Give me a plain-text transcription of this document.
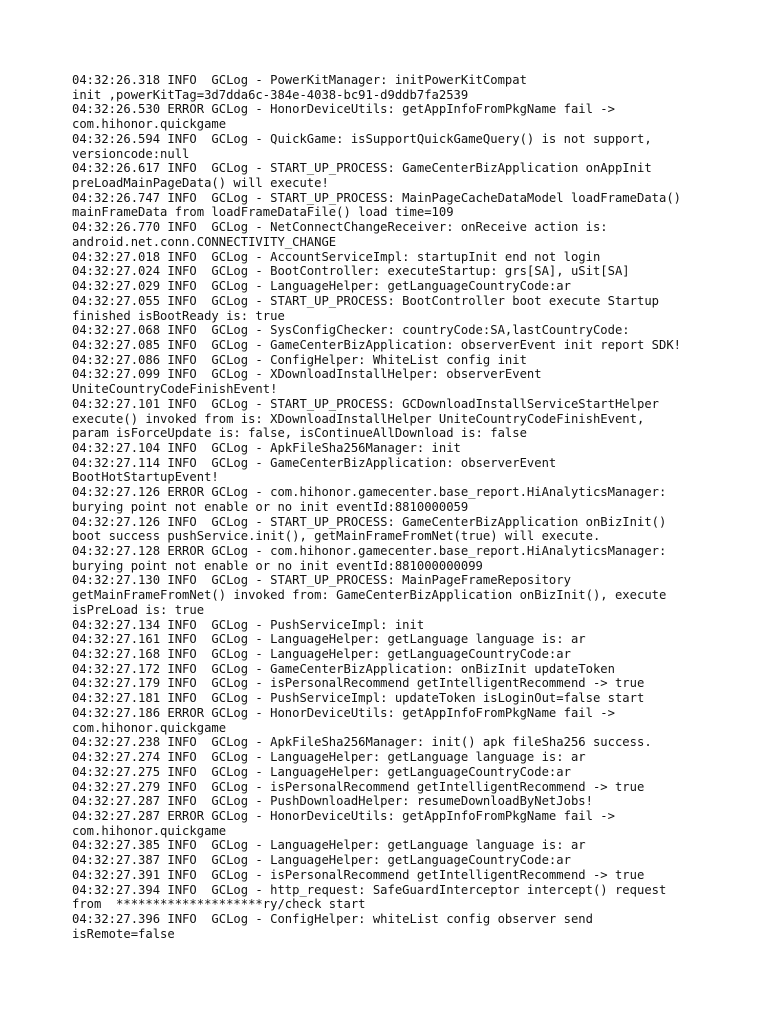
04:32:26.318 INFO  GCLog - PowerKitManager: initPowerKitCompat
init ,powerKitTag=3d7dda6c-384e-4038-bc91-d9ddb7fa2539
04:32:26.530 ERROR GCLog - HonorDeviceUtils: getAppInfoFromPkgName fail ->
com.hihonor.quickgame
04:32:26.594 INFO  GCLog - QuickGame: isSupportQuickGameQuery() is not support,
versioncode:null
04:32:26.617 INFO  GCLog - START_UP_PROCESS: GameCenterBizApplication onAppInit
preLoadMainPageData() will execute!
04:32:26.747 INFO  GCLog - START_UP_PROCESS: MainPageCacheDataModel loadFrameData()
mainFrameData from loadFrameDataFile() load time=109
04:32:26.770 INFO  GCLog - NetConnectChangeReceiver: onReceive action is:
android.net.conn.CONNECTIVITY_CHANGE
04:32:27.018 INFO  GCLog - AccountServiceImpl: startupInit end not login
04:32:27.024 INFO  GCLog - BootController: executeStartup: grs[SA], uSit[SA]
04:32:27.029 INFO  GCLog - LanguageHelper: getLanguageCountryCode:ar
04:32:27.055 INFO  GCLog - START_UP_PROCESS: BootController boot execute Startup
finished isBootReady is: true
04:32:27.068 INFO  GCLog - SysConfigChecker: countryCode:SA,lastCountryCode:
04:32:27.085 INFO  GCLog - GameCenterBizApplication: observerEvent init report SDK!
04:32:27.086 INFO  GCLog - ConfigHelper: WhiteList config init
04:32:27.099 INFO  GCLog - XDownloadInstallHelper: observerEvent
UniteCountryCodeFinishEvent!
04:32:27.101 INFO  GCLog - START_UP_PROCESS: GCDownloadInstallServiceStartHelper
execute() invoked from is: XDownloadInstallHelper UniteCountryCodeFinishEvent,
param isForceUpdate is: false, isContinueAllDownload is: false
04:32:27.104 INFO  GCLog - ApkFileSha256Manager: init
04:32:27.114 INFO  GCLog - GameCenterBizApplication: observerEvent
BootHotStartupEvent!
04:32:27.126 ERROR GCLog - com.hihonor.gamecenter.base_report.HiAnalyticsManager:
burying point not enable or no init eventId:8810000059
04:32:27.126 INFO  GCLog - START_UP_PROCESS: GameCenterBizApplication onBizInit()
boot success pushService.init(), getMainFrameFromNet(true) will execute.
04:32:27.128 ERROR GCLog - com.hihonor.gamecenter.base_report.HiAnalyticsManager:
burying point not enable or no init eventId:881000000099
04:32:27.130 INFO  GCLog - START_UP_PROCESS: MainPageFrameRepository
getMainFrameFromNet() invoked from: GameCenterBizApplication onBizInit(), execute
isPreLoad is: true
04:32:27.134 INFO  GCLog - PushServiceImpl: init
04:32:27.161 INFO  GCLog - LanguageHelper: getLanguage language is: ar
04:32:27.168 INFO  GCLog - LanguageHelper: getLanguageCountryCode:ar
04:32:27.172 INFO  GCLog - GameCenterBizApplication: onBizInit updateToken
04:32:27.179 INFO  GCLog - isPersonalRecommend getIntelligentRecommend -> true
04:32:27.181 INFO  GCLog - PushServiceImpl: updateToken isLoginOut=false start
04:32:27.186 ERROR GCLog - HonorDeviceUtils: getAppInfoFromPkgName fail ->
com.hihonor.quickgame
04:32:27.238 INFO  GCLog - ApkFileSha256Manager: init() apk fileSha256 success.
04:32:27.274 INFO  GCLog - LanguageHelper: getLanguage language is: ar
04:32:27.275 INFO  GCLog - LanguageHelper: getLanguageCountryCode:ar
04:32:27.279 INFO  GCLog - isPersonalRecommend getIntelligentRecommend -> true
04:32:27.287 INFO  GCLog - PushDownloadHelper: resumeDownloadByNetJobs!
04:32:27.287 ERROR GCLog - HonorDeviceUtils: getAppInfoFromPkgName fail ->
com.hihonor.quickgame
04:32:27.385 INFO  GCLog - LanguageHelper: getLanguage language is: ar
04:32:27.387 INFO  GCLog - LanguageHelper: getLanguageCountryCode:ar
04:32:27.391 INFO  GCLog - isPersonalRecommend getIntelligentRecommend -> true
04:32:27.394 INFO  GCLog - http_request: SafeGuardInterceptor intercept() request
from  ********************ry/check start
04:32:27.396 INFO  GCLog - ConfigHelper: whiteList config observer send
isRemote=false
